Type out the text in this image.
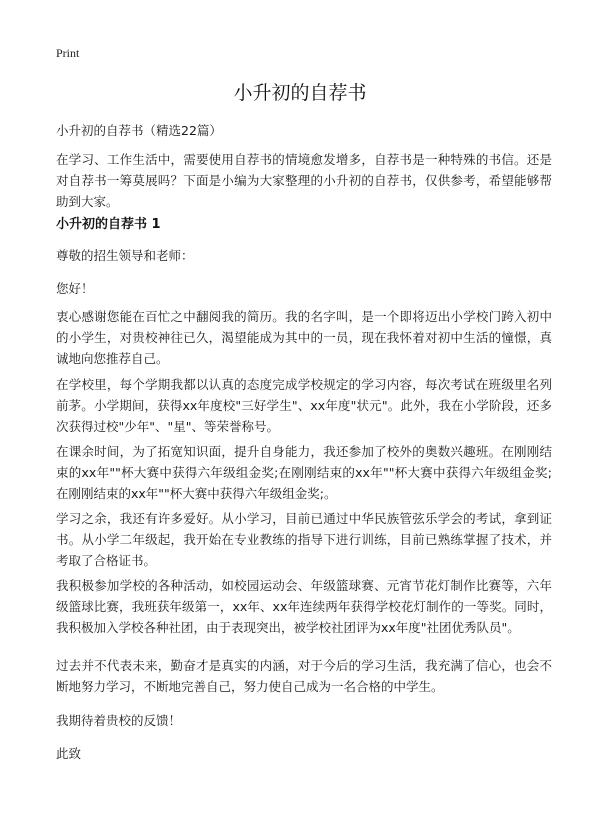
Print
小升初的自荐书
小升初的自荐书（精选22篇）

在学习、工作生活中，需要使用自荐书的情境愈发增多，自荐书是一种特殊的书信。还是对自荐书一筹莫展吗？下面是小编为大家整理的小升初的自荐书，仅供参考，希望能够帮助到大家。

小升初的自荐书 1

尊敬的招生领导和老师：

您好！

衷心感谢您能在百忙之中翻阅我的简历。我的名字叫，是一个即将迈出小学校门跨入初中的小学生，对贵校神往已久，渴望能成为其中的一员，现在我怀着对初中生活的憧憬，真诚地向您推荐自己。

在学校里，每个学期我都以认真的态度完成学校规定的学习内容，每次考试在班级里名列前茅。小学期间，获得xx年度校"三好学生"、xx年度"状元"。此外，我在小学阶段，还多次获得过校"少年"、"星"、等荣誉称号。

在课余时间，为了拓宽知识面，提升自身能力，我还参加了校外的奥数兴趣班。在刚刚结束的xx年""杯大赛中获得六年级组金奖;在刚刚结束的xx年""杯大赛中获得六年级组金奖;在刚刚结束的xx年""杯大赛中获得六年级组金奖;。

学习之余，我还有许多爱好。从小学习，目前已通过中华民族管弦乐学会的考试，拿到证书。从小学二年级起，我开始在专业教练的指导下进行训练，目前已熟练掌握了技术，并考取了合格证书。

我积极参加学校的各种活动，如校园运动会、年级篮球赛、元宵节花灯制作比赛等，六年级篮球比赛，我班获年级第一，xx年、xx年连续两年获得学校花灯制作的一等奖。同时，我积极加入学校各种社团，由于表现突出，被学校社团评为xx年度"社团优秀队员"。

过去并不代表未来，勤奋才是真实的内涵，对于今后的学习生活，我充满了信心，也会不断地努力学习，不断地完善自己，努力使自己成为一名合格的中学生。

我期待着贵校的反馈！

此致
